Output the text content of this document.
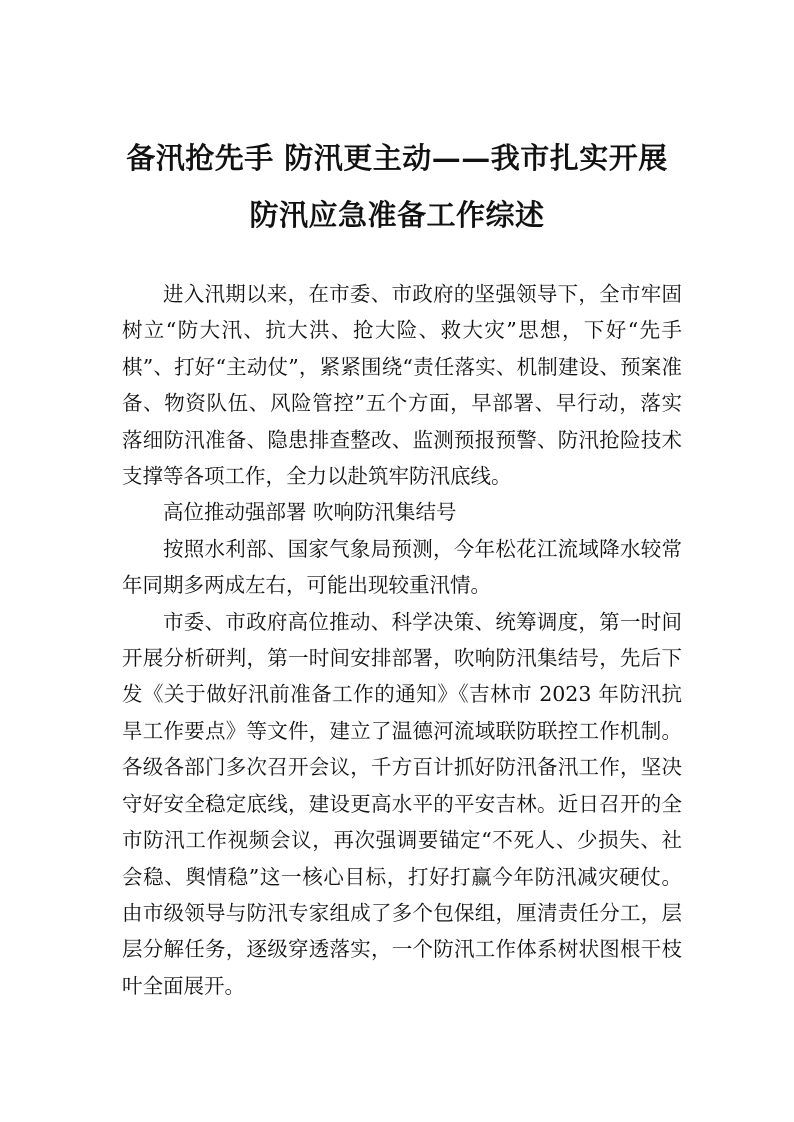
备汛抢先手 防汛更主动——我市扎实开展
防汛应急准备工作综述

进入汛期以来，在市委、市政府的坚强领导下，全市牢固树立“防大汛、抗大洪、抢大险、救大灾”思想，下好“先手棋”、打好“主动仗”，紧紧围绕“责任落实、机制建设、预案准备、物资队伍、风险管控”五个方面，早部署、早行动，落实落细防汛准备、隐患排查整改、监测预报预警、防汛抢险技术支撑等各项工作，全力以赴筑牢防汛底线。

高位推动强部署 吹响防汛集结号

按照水利部、国家气象局预测，今年松花江流域降水较常年同期多两成左右，可能出现较重汛情。

市委、市政府高位推动、科学决策、统筹调度，第一时间开展分析研判，第一时间安排部署，吹响防汛集结号，先后下发《关于做好汛前准备工作的通知》《吉林市 2023 年防汛抗旱工作要点》等文件，建立了温德河流域联防联控工作机制。各级各部门多次召开会议，千方百计抓好防汛备汛工作，坚决守好安全稳定底线，建设更高水平的平安吉林。近日召开的全市防汛工作视频会议，再次强调要锚定“不死人、少损失、社会稳、舆情稳”这一核心目标，打好打赢今年防汛减灾硬仗。由市级领导与防汛专家组成了多个包保组，厘清责任分工，层层分解任务，逐级穿透落实，一个防汛工作体系树状图根干枝叶全面展开。
